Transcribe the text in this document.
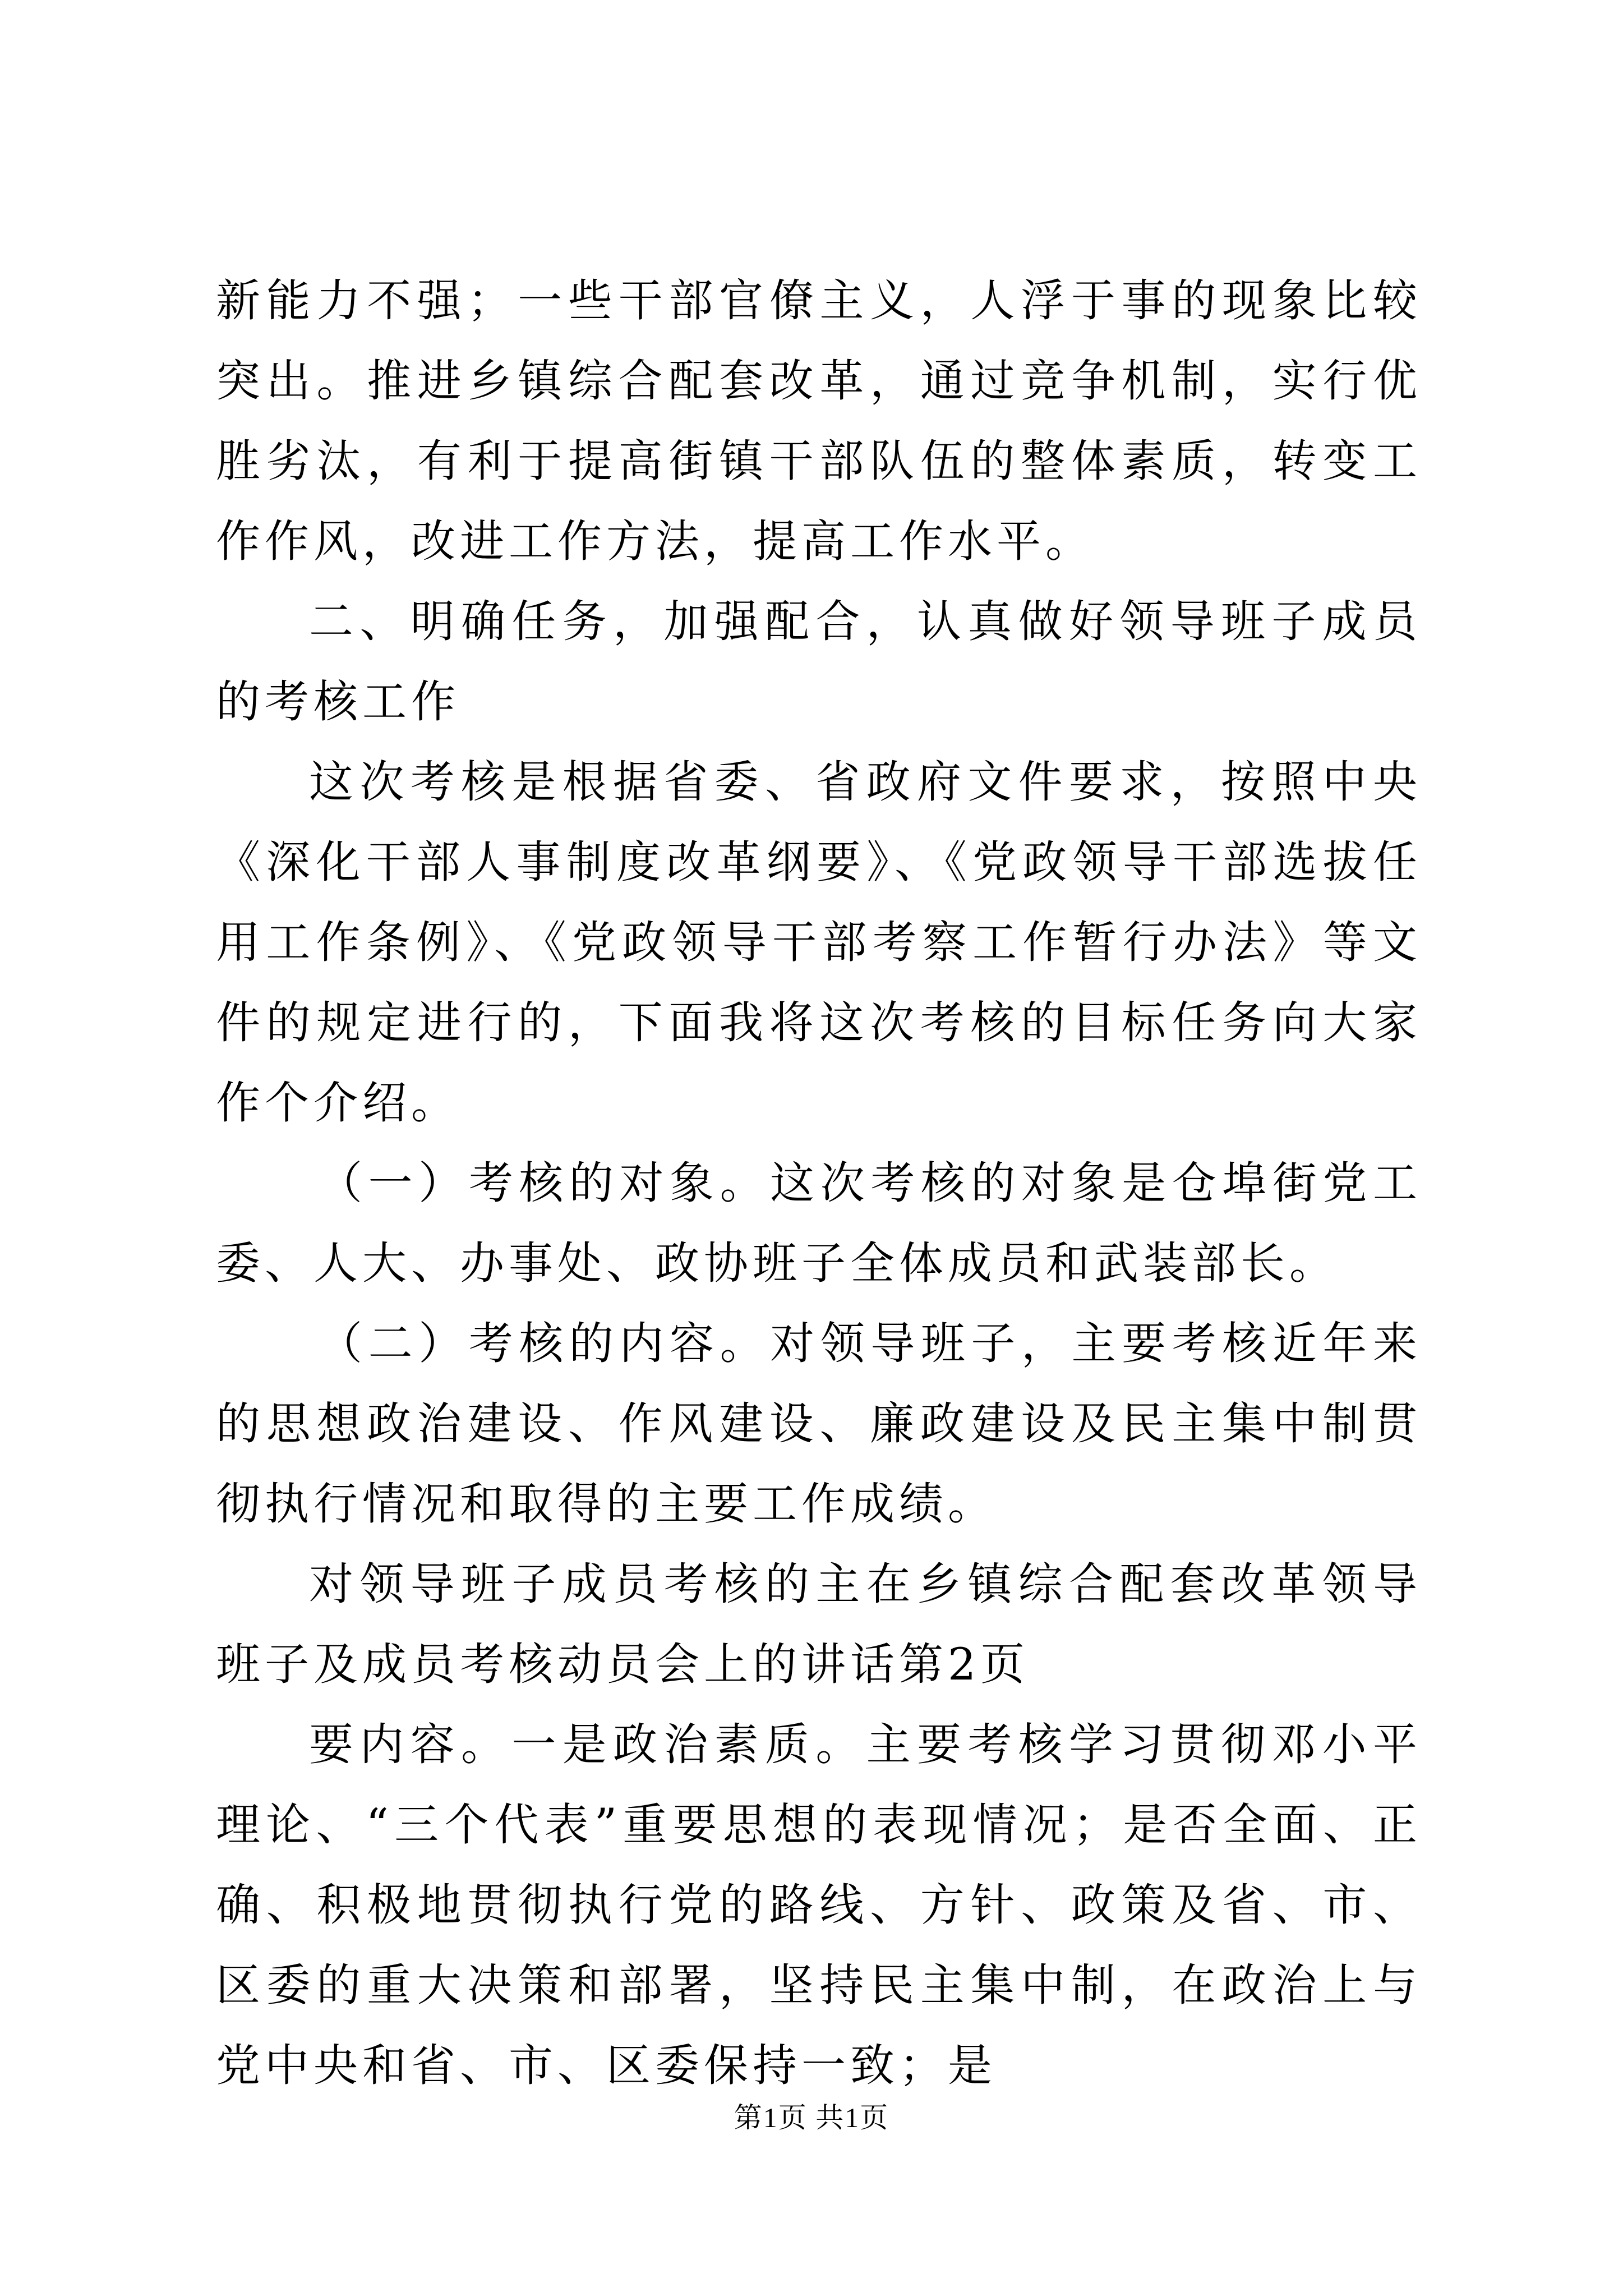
新能力不强；一些干部官僚主义，人浮于事的现象比较突出。推进乡镇综合配套改革，通过竞争机制，实行优胜劣汰，有利于提高街镇干部队伍的整体素质，转变工作作风，改进工作方法，提高工作水平。

二、明确任务，加强配合，认真做好领导班子成员的考核工作

这次考核是根据省委、省政府文件要求，按照中央《深化干部人事制度改革纲要》、《党政领导干部选拔任用工作条例》、《党政领导干部考察工作暂行办法》等文件的规定进行的，下面我将这次考核的目标任务向大家作个介绍。

（一）考核的对象。这次考核的对象是仓埠街党工委、人大、办事处、政协班子全体成员和武装部长。

（二）考核的内容。对领导班子，主要考核近年来的思想政治建设、作风建设、廉政建设及民主集中制贯彻执行情况和取得的主要工作成绩。

对领导班子成员考核的主在乡镇综合配套改革领导班子及成员考核动员会上的讲话第2页

要内容。一是政治素质。主要考核学习贯彻邓小平理论、“三个代表”重要思想的表现情况；是否全面、正确、积极地贯彻执行党的路线、方针、政策及省、市、区委的重大决策和部署，坚持民主集中制，在政治上与党中央和省、市、区委保持一致；是

第1页 共1页
